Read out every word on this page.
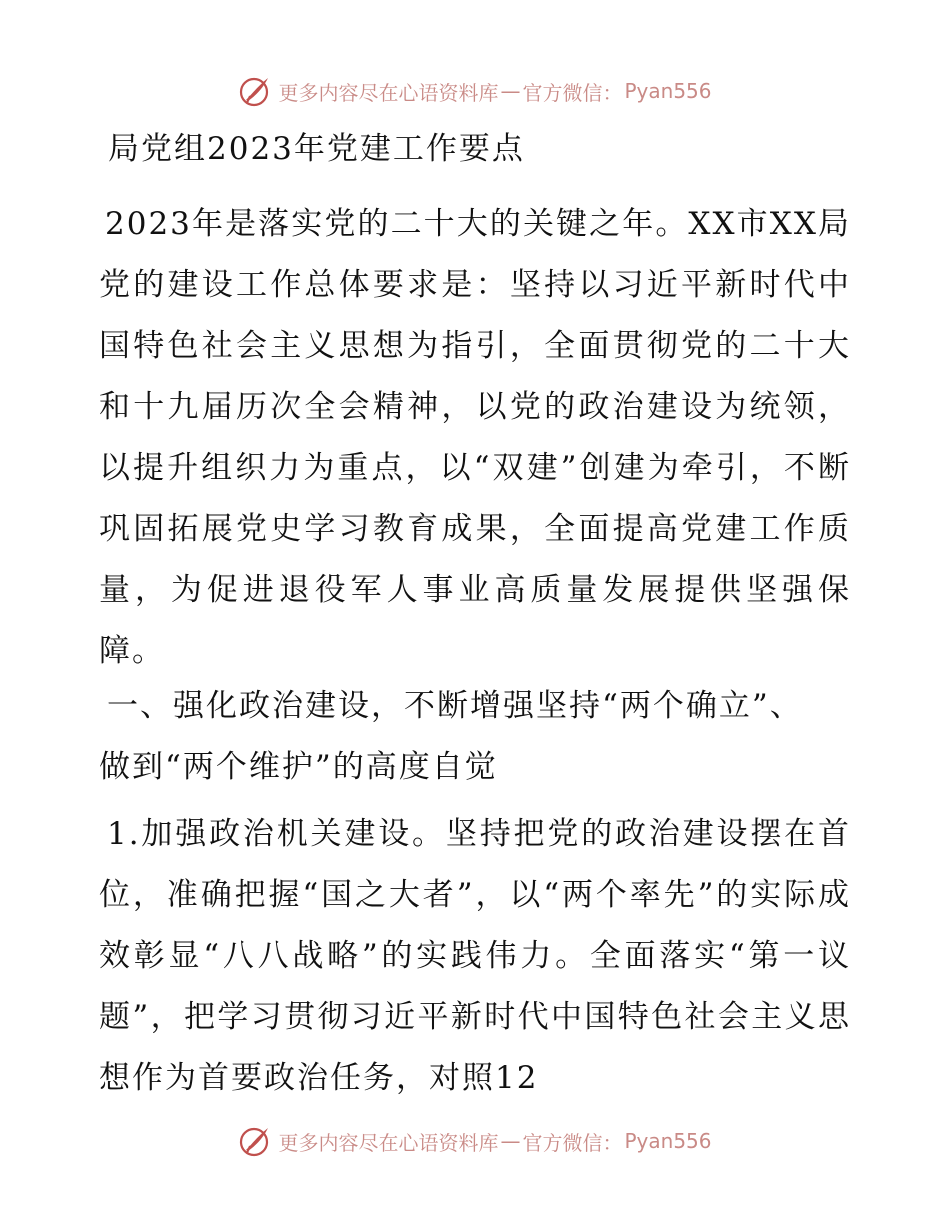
更多内容尽在心语资料库 — 官方微信： Pyan556
局党组2023年党建工作要点
2023年是落实党的二十大的关键之年。XX市XX局党的建设工作总体要求是：坚持以习近平新时代中国特色社会主义思想为指引，全面贯彻党的二十大和十九届历次全会精神，以党的政治建设为统领，以提升组织力为重点，以“双建”创建为牵引，不断巩固拓展党史学习教育成果，全面提高党建工作质量，为促进退役军人事业高质量发展提供坚强保障。
一、强化政治建设，不断增强坚持“两个确立”、做到“两个维护”的高度自觉
1.加强政治机关建设。坚持把党的政治建设摆在首位，准确把握“国之大者”，以“两个率先”的实际成效彰显“八八战略”的实践伟力。全面落实“第一议题”，把学习贯彻习近平新时代中国特色社会主义思想作为首要政治任务，对照12
更多内容尽在心语资料库 — 官方微信： Pyan556
